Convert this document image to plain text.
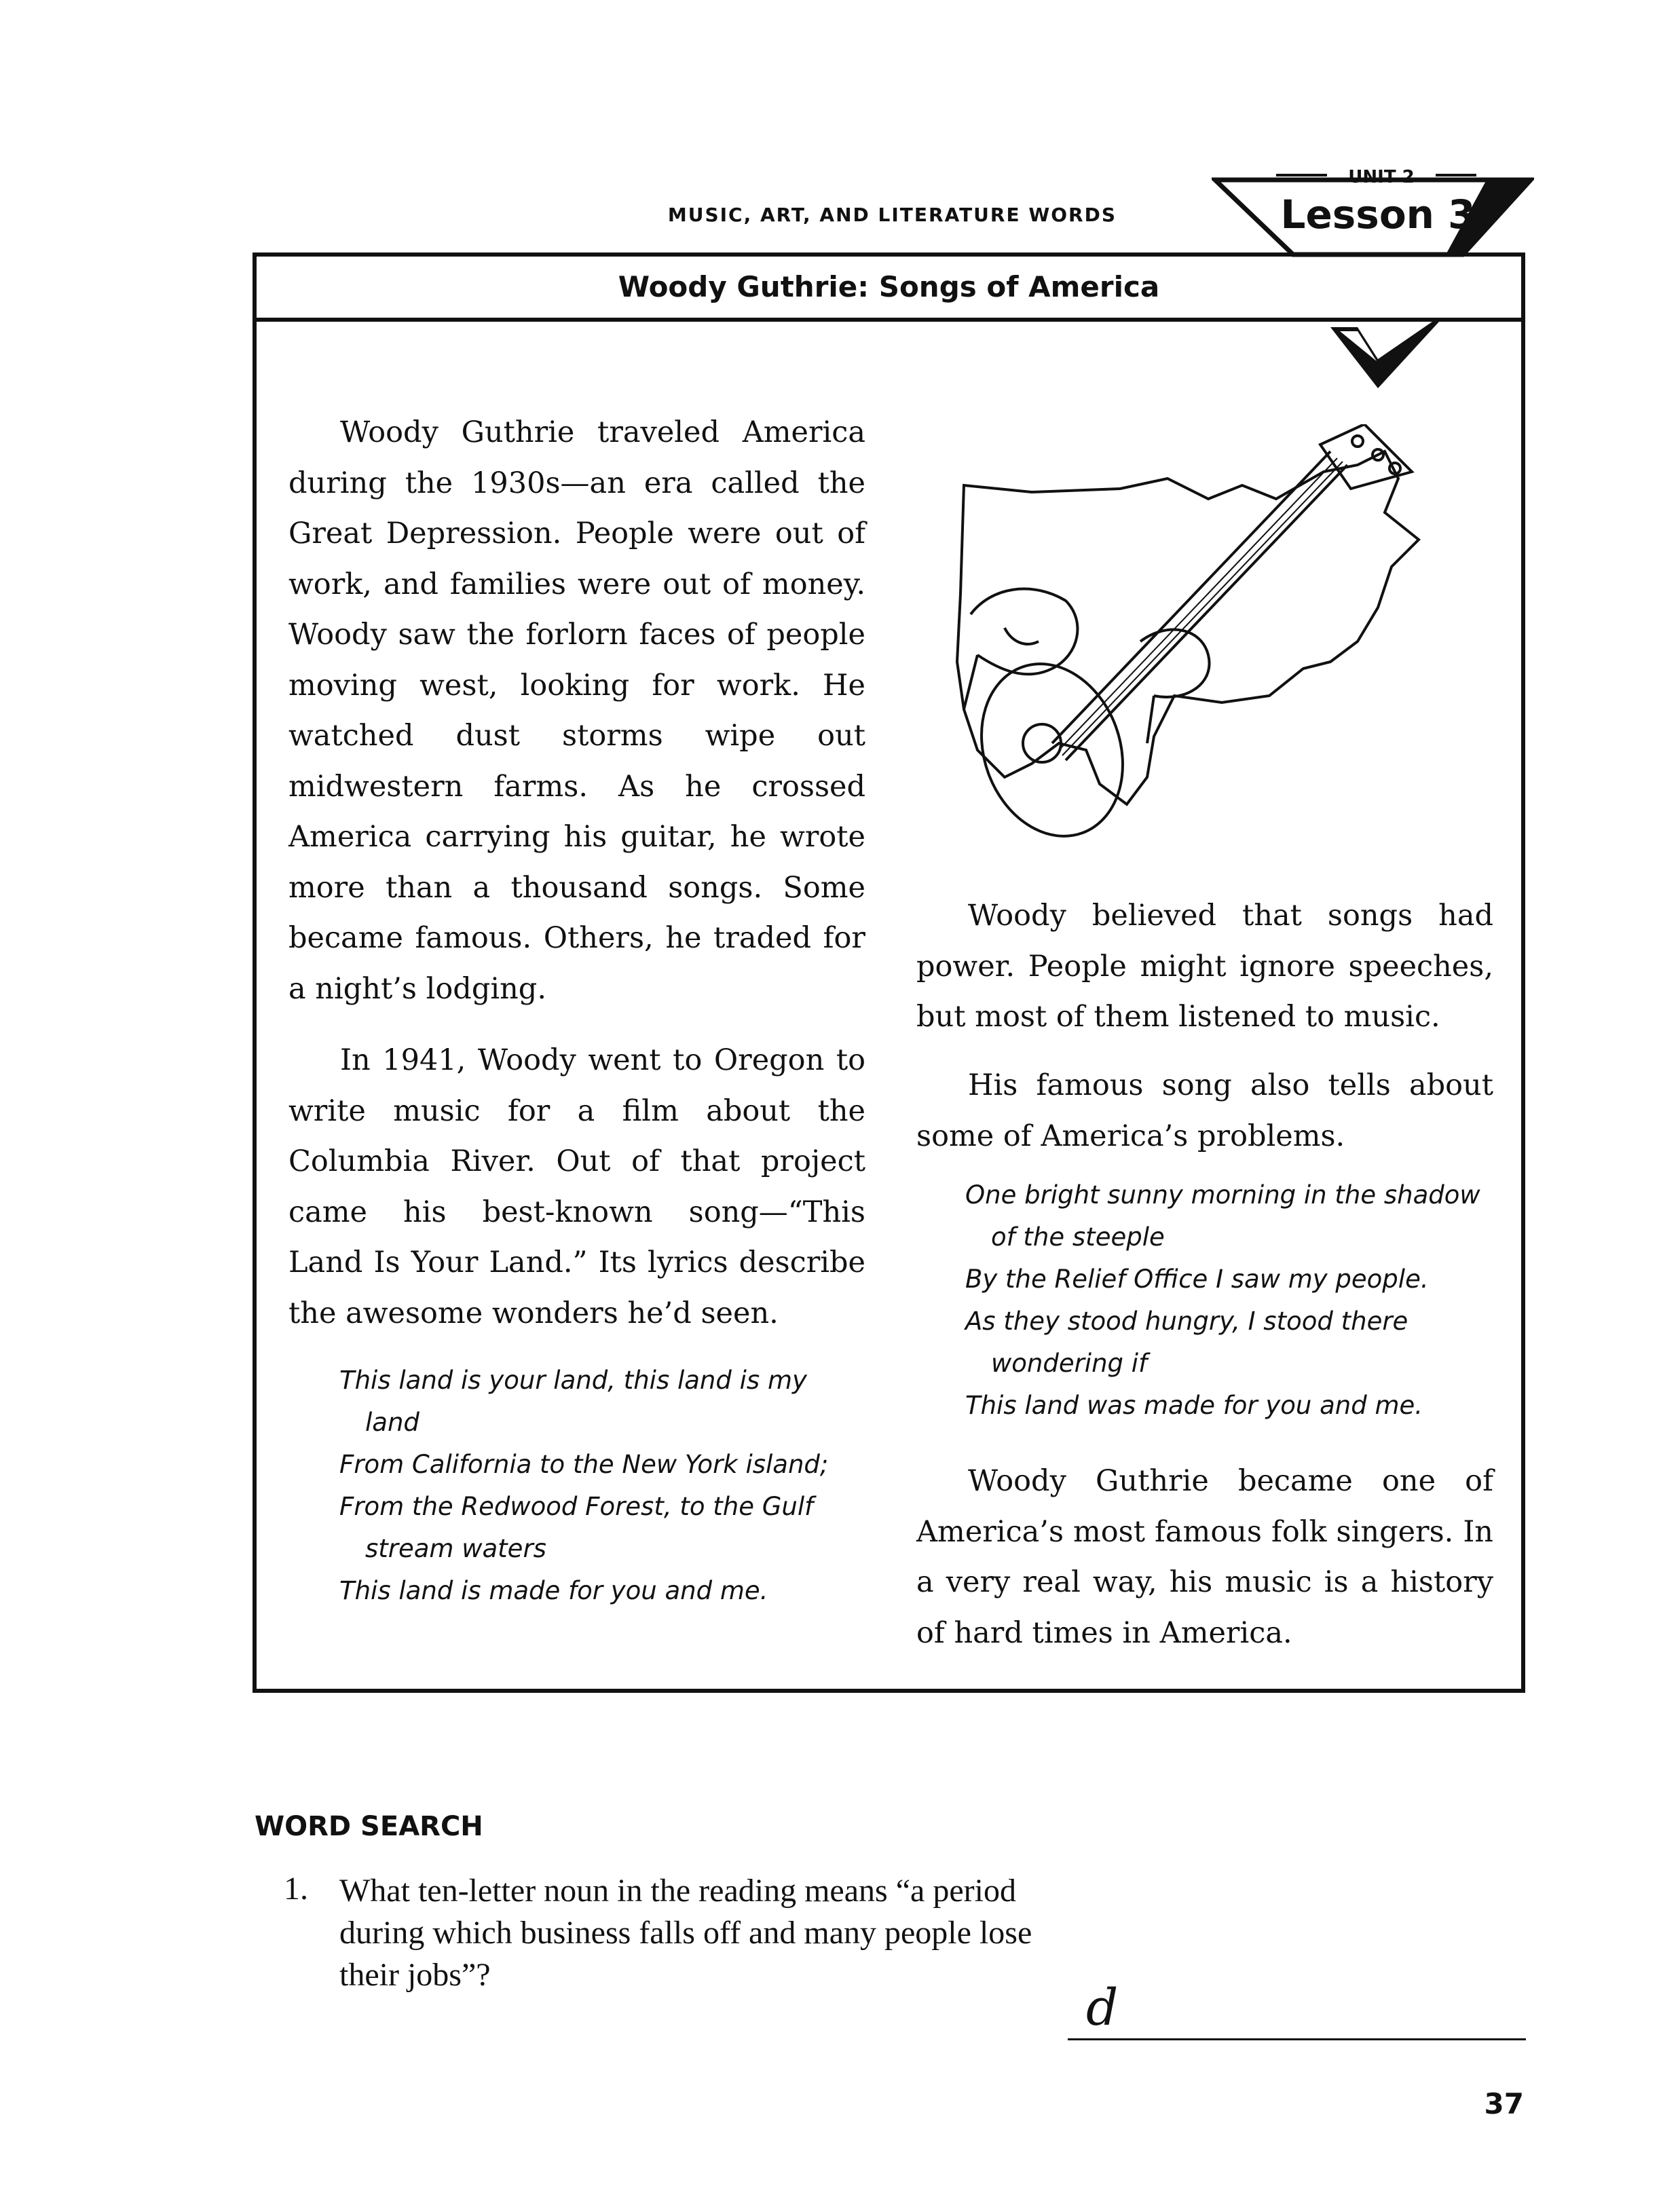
MUSIC, ART, AND LITERATURE WORDS
UNIT 2
Lesson 3
Woody Guthrie: Songs of America

Woody Guthrie traveled America during the 1930s—an era called the Great Depression. People were out of work, and families were out of money. Woody saw the forlorn faces of people moving west, looking for work. He watched dust storms wipe out midwestern farms. As he crossed America carrying his guitar, he wrote more than a thousand songs. Some became famous. Others, he traded for a night’s lodging.

In 1941, Woody went to Oregon to write music for a film about the Columbia River. Out of that project came his best-known song—“This Land Is Your Land.” Its lyrics describe the awesome wonders he’d seen.

This land is your land, this land is my land
From California to the New York island;
From the Redwood Forest, to the Gulf stream waters
This land is made for you and me.

Woody believed that songs had power. People might ignore speeches, but most of them listened to music.

His famous song also tells about some of America’s problems.

One bright sunny morning in the shadow of the steeple
By the Relief Office I saw my people.
As they stood hungry, I stood there wondering if
This land was made for you and me.

Woody Guthrie became one of America’s most famous folk singers. In a very real way, his music is a history of hard times in America.

WORD SEARCH
1. What ten-letter noun in the reading means “a period during which business falls off and many people lose their jobs”?
d
37
